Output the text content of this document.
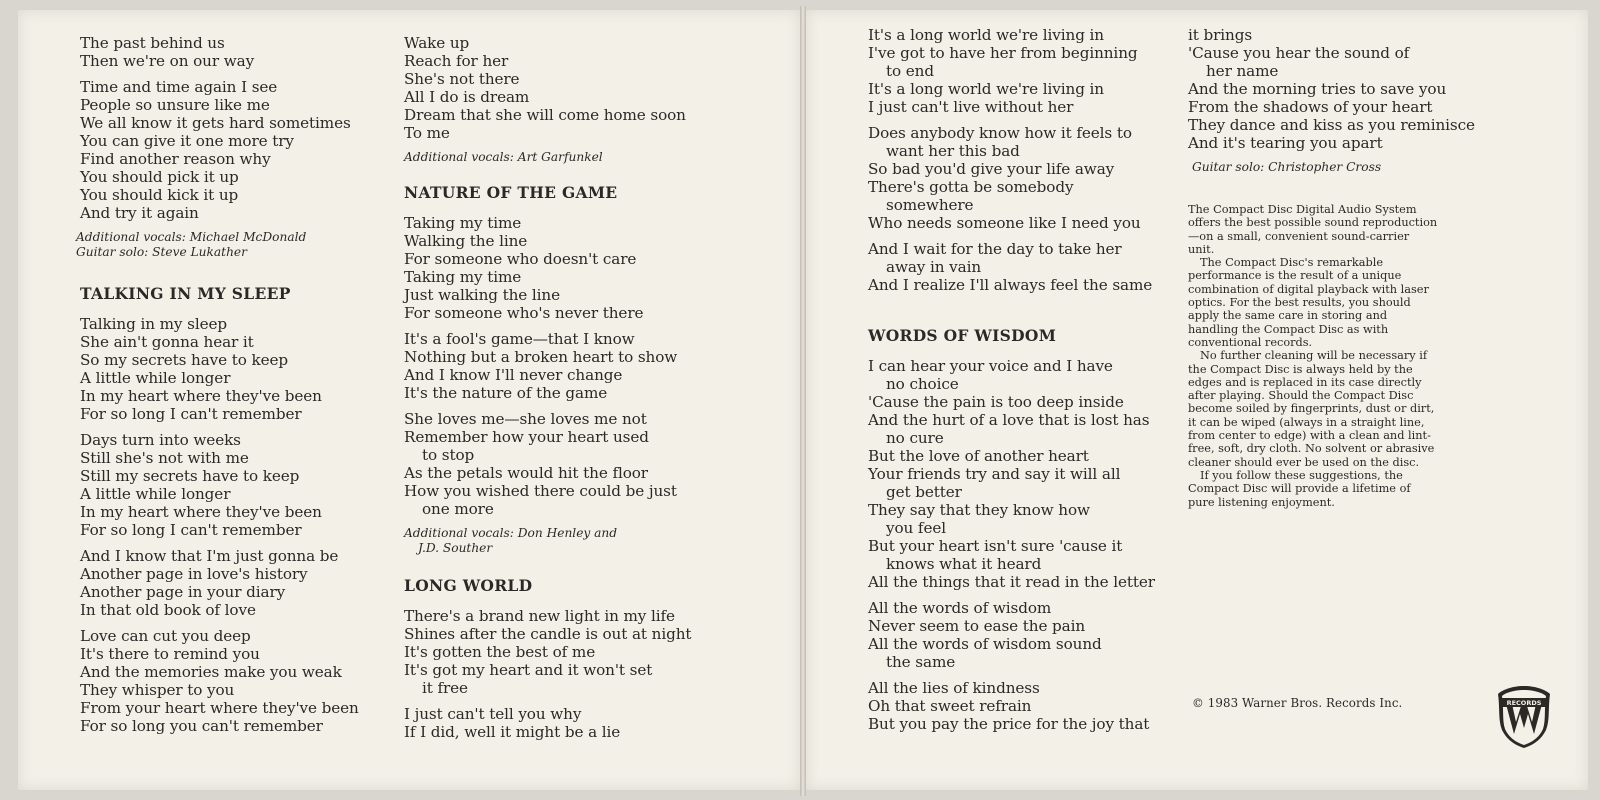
The past behind us
Then we're on our way
Time and time again I see
People so unsure like me
We all know it gets hard sometimes
You can give it one more try
Find another reason why
You should pick it up
You should kick it up
And try it again
Additional vocals: Michael McDonald
Guitar solo: Steve Lukather
TALKING IN MY SLEEP
Talking in my sleep
She ain't gonna hear it
So my secrets have to keep
A little while longer
In my heart where they've been
For so long I can't remember
Days turn into weeks
Still she's not with me
Still my secrets have to keep
A little while longer
In my heart where they've been
For so long I can't remember
And I know that I'm just gonna be
Another page in love's history
Another page in your diary
In that old book of love
Love can cut you deep
It's there to remind you
And the memories make you weak
They whisper to you
From your heart where they've been
For so long you can't remember
Wake up
Reach for her
She's not there
All I do is dream
Dream that she will come home soon
To me
Additional vocals: Art Garfunkel
NATURE OF THE GAME
Taking my time
Walking the line
For someone who doesn't care
Taking my time
Just walking the line
For someone who's never there
It's a fool's game—that I know
Nothing but a broken heart to show
And I know I'll never change
It's the nature of the game
She loves me—she loves me not
Remember how your heart used
to stop
As the petals would hit the floor
How you wished there could be just
one more
Additional vocals: Don Henley and
J.D. Souther
LONG WORLD
There's a brand new light in my life
Shines after the candle is out at night
It's gotten the best of me
It's got my heart and it won't set
it free
I just can't tell you why
If I did, well it might be a lie
It's a long world we're living in
I've got to have her from beginning
to end
It's a long world we're living in
I just can't live without her
Does anybody know how it feels to
want her this bad
So bad you'd give your life away
There's gotta be somebody
somewhere
Who needs someone like I need you
And I wait for the day to take her
away in vain
And I realize I'll always feel the same
WORDS OF WISDOM
I can hear your voice and I have
no choice
'Cause the pain is too deep inside
And the hurt of a love that is lost has
no cure
But the love of another heart
Your friends try and say it will all
get better
They say that they know how
you feel
But your heart isn't sure 'cause it
knows what it heard
All the things that it read in the letter
All the words of wisdom
Never seem to ease the pain
All the words of wisdom sound
the same
All the lies of kindness
Oh that sweet refrain
But you pay the price for the joy that
it brings
'Cause you hear the sound of
her name
And the morning tries to save you
From the shadows of your heart
They dance and kiss as you reminisce
And it's tearing you apart
Guitar solo: Christopher Cross

The Compact Disc Digital Audio System offers the best possible sound reproduction—on a small, convenient sound-carrier unit.

The Compact Disc's remarkable performance is the result of a unique combination of digital playback with laser optics. For the best results, you should apply the same care in storing and handling the Compact Disc as with conventional records.

No further cleaning will be necessary if the Compact Disc is always held by the edges and is replaced in its case directly after playing. Should the Compact Disc become soiled by fingerprints, dust or dirt, it can be wiped (always in a straight line, from center to edge) with a clean and lint-free, soft, dry cloth. No solvent or abrasive cleaner should ever be used on the disc.

If you follow these suggestions, the Compact Disc will provide a lifetime of pure listening enjoyment.

© 1983 Warner Bros. Records Inc.	RECORDS
